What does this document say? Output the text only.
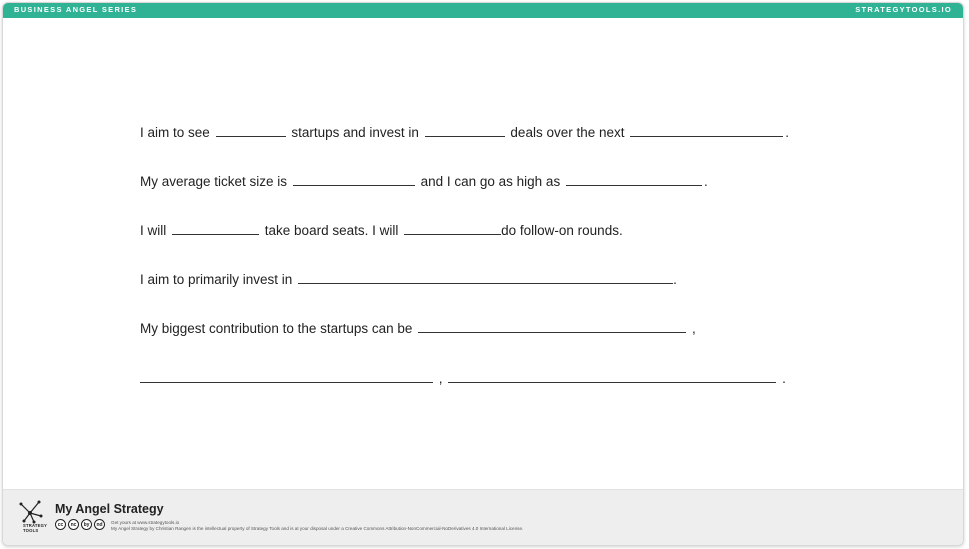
BUSINESS ANGEL SERIES	STRATEGYTOOLS.IO
I aim to see	startups and invest in	deals over the next	.
My average ticket size is	and I can go as high as	.
I will	take board seats. I will	do follow-on rounds.
I aim to primarily invest in	.
My biggest contribution to the startups can be	,
,	.
STRATEGY
TOOLS
My Angel Strategy
cc	nc	by	nd	Get yours at www.strategytools.io
My Angel Strategy by Christian Rangen is the intellectual property of Strategy Tools and is at your disposal under a Creative Commons Attribution-NonCommercial-NoDerivatives 4.0 International License.
